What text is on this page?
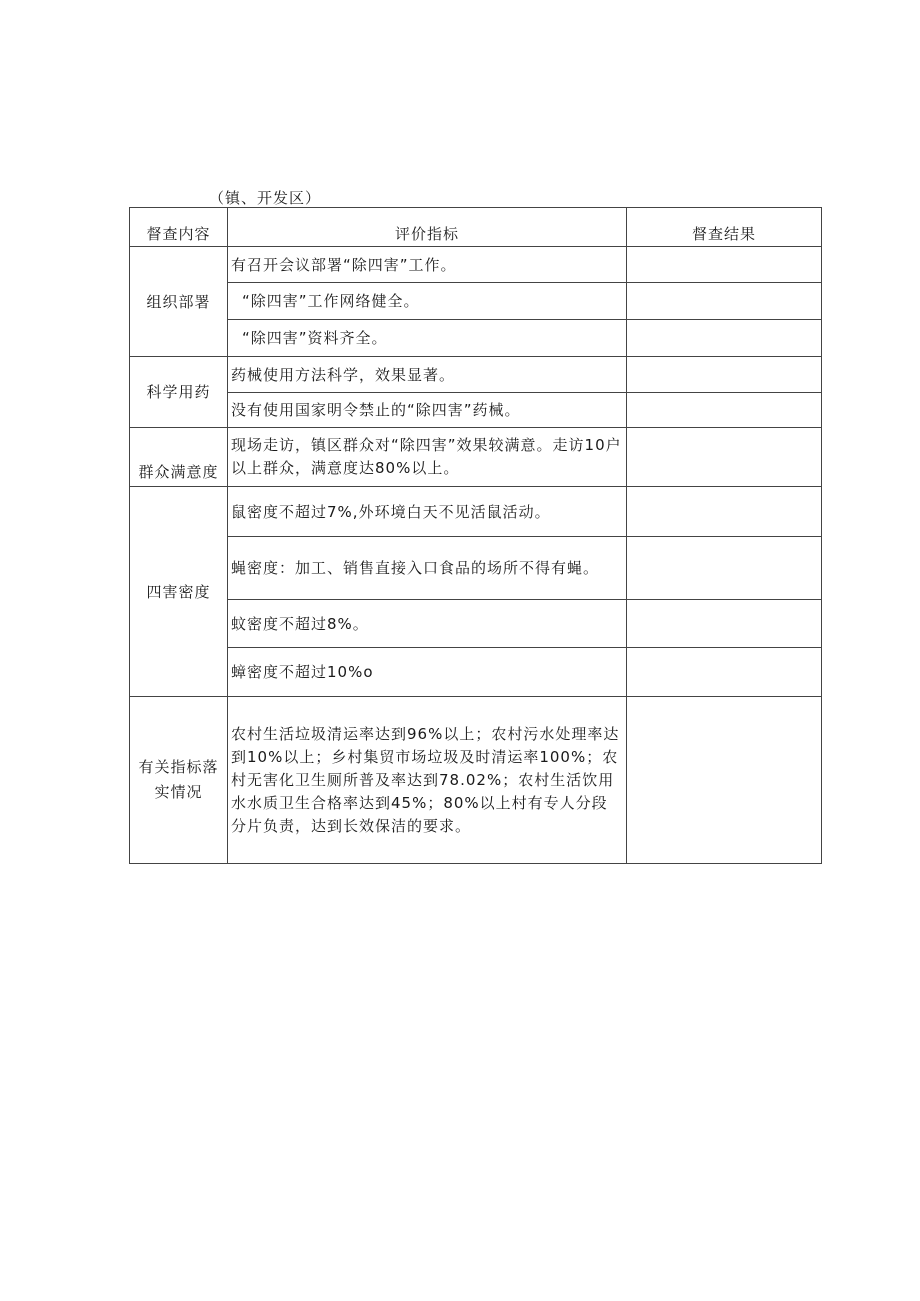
（镇、开发区）
督查内容	评价指标	督查结果
组织部署	有召开会议部署“除四害”工作。	
	“除四害”工作网络健全。	
	“除四害”资料齐全。	
科学用药	药械使用方法科学，效果显著。	
	没有使用国家明令禁止的“除四害”药械。	
群众满意度	现场走访，镇区群众对“除四害”效果较满意。走访10户以上群众，满意度达80%以上。	
四害密度	鼠密度不超过7%,外环境白天不见活鼠活动。	
	蝇密度：加工、销售直接入口食品的场所不得有蝇。	
	蚊密度不超过8%。	
	蟑密度不超过10%o	
有关指标落实情况	农村生活垃圾清运率达到96%以上；农村污水处理率达到10%以上；乡村集贸市场垃圾及时清运率100%；农村无害化卫生厕所普及率达到78.02%；农村生活饮用水水质卫生合格率达到45%；80%以上村有专人分段分片负责，达到长效保洁的要求。	
